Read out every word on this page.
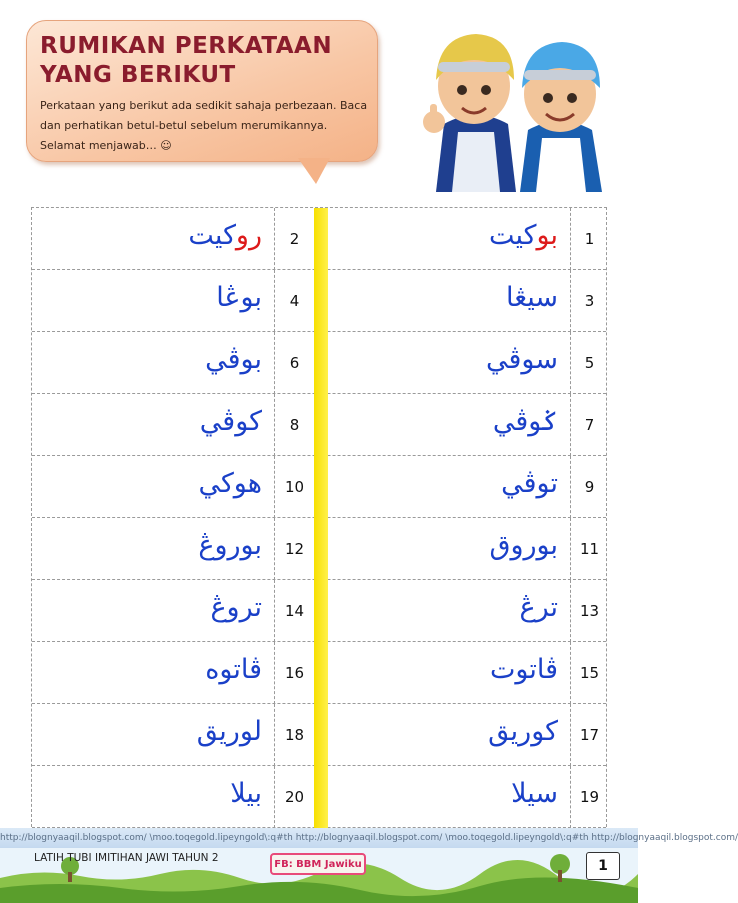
RUMIKAN PERKATAAN
YANG BERIKUT
Perkataan yang berikut ada sedikit sahaja perbezaan. Baca dan perhatikan betul-betul sebelum merumikannya. Selamat menjawab… ☺
روكيت	2	بوكيت	1
بوڠا	4	سيڠا	3
بوڤي	6	سوڤي	5
كوڤي	8	ݢوڤي	7
هوكي	10	توڤي	9
بوروڠ	12	بوروق	11
تروڠ	14	ترڠ	13
ڤاتوه	16	ڤاتوت	15
لوريق	18	كوريق	17
بيلا	20	سيلا	19
http://blognyaaqil.blogspot.com/ \moo.toqegold.lipeyngold\:q#th http://blognyaaqil.blogspot.com/ \moo.toqegold.lipeyngold\:q#th http://blognyaaqil.blogspot.com/
LATIH TUBI IMITIHAN JAWI TAHUN 2	FB: BBM Jawiku	1
